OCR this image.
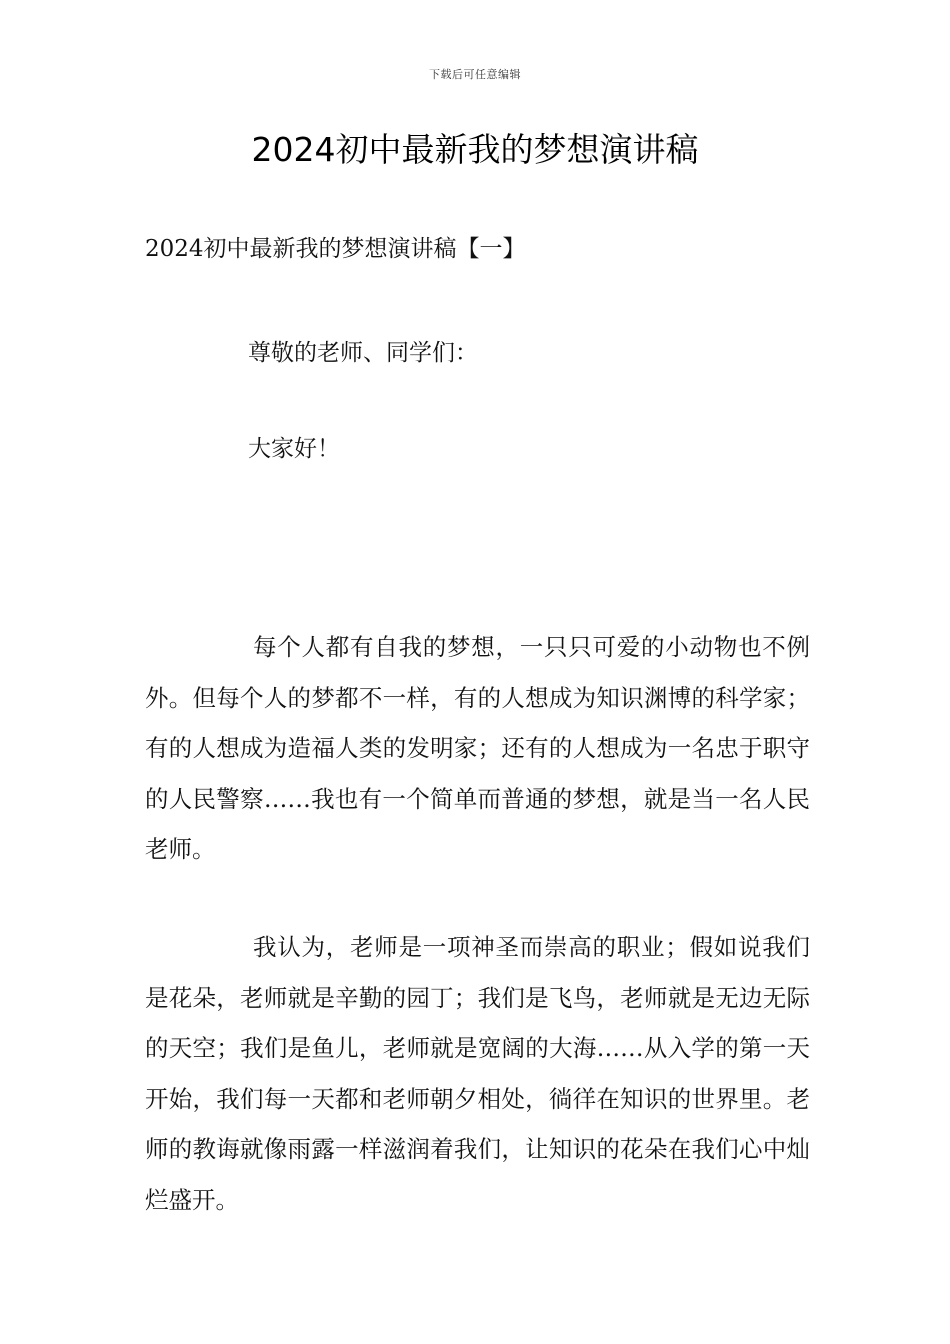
下载后可任意编辑
2024初中最新我的梦想演讲稿

2024初中最新我的梦想演讲稿【一】

尊敬的老师、同学们：

大家好！

每个人都有自我的梦想，一只只可爱的小动物也不例外。但每个人的梦都不一样，有的人想成为知识渊博的科学家；有的人想成为造福人类的发明家；还有的人想成为一名忠于职守的人民警察……我也有一个简单而普通的梦想，就是当一名人民老师。

我认为，老师是一项神圣而崇高的职业；假如说我们是花朵，老师就是辛勤的园丁；我们是飞鸟，老师就是无边无际的天空；我们是鱼儿，老师就是宽阔的大海……从入学的第一天开始，我们每一天都和老师朝夕相处，徜徉在知识的世界里。老师的教诲就像雨露一样滋润着我们，让知识的花朵在我们心中灿烂盛开。
